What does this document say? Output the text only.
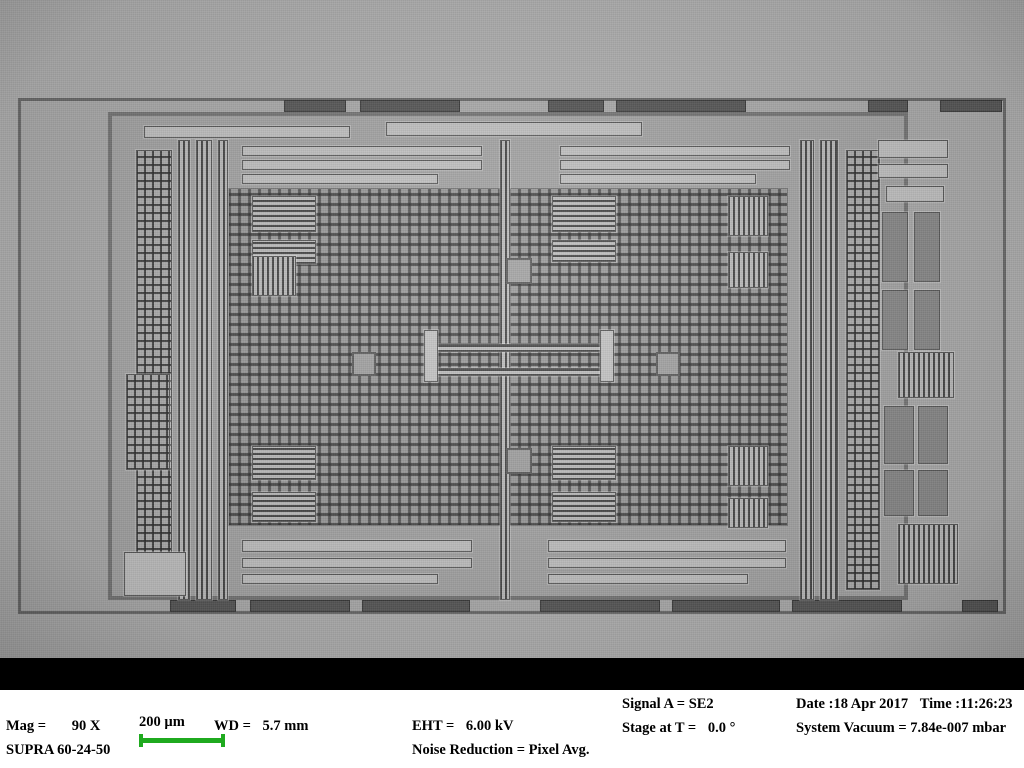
Mag = 90 X
SUPRA 60-24-50
WD = 5.7 mm	EHT = 6.00 kV
Noise Reduction = Pixel Avg.
Signal A = SE2
Stage at T = 0.0 °
Date :18 Apr 2017 Time :11:26:23
System Vacuum = 7.84e-007 mbar
200 µm
